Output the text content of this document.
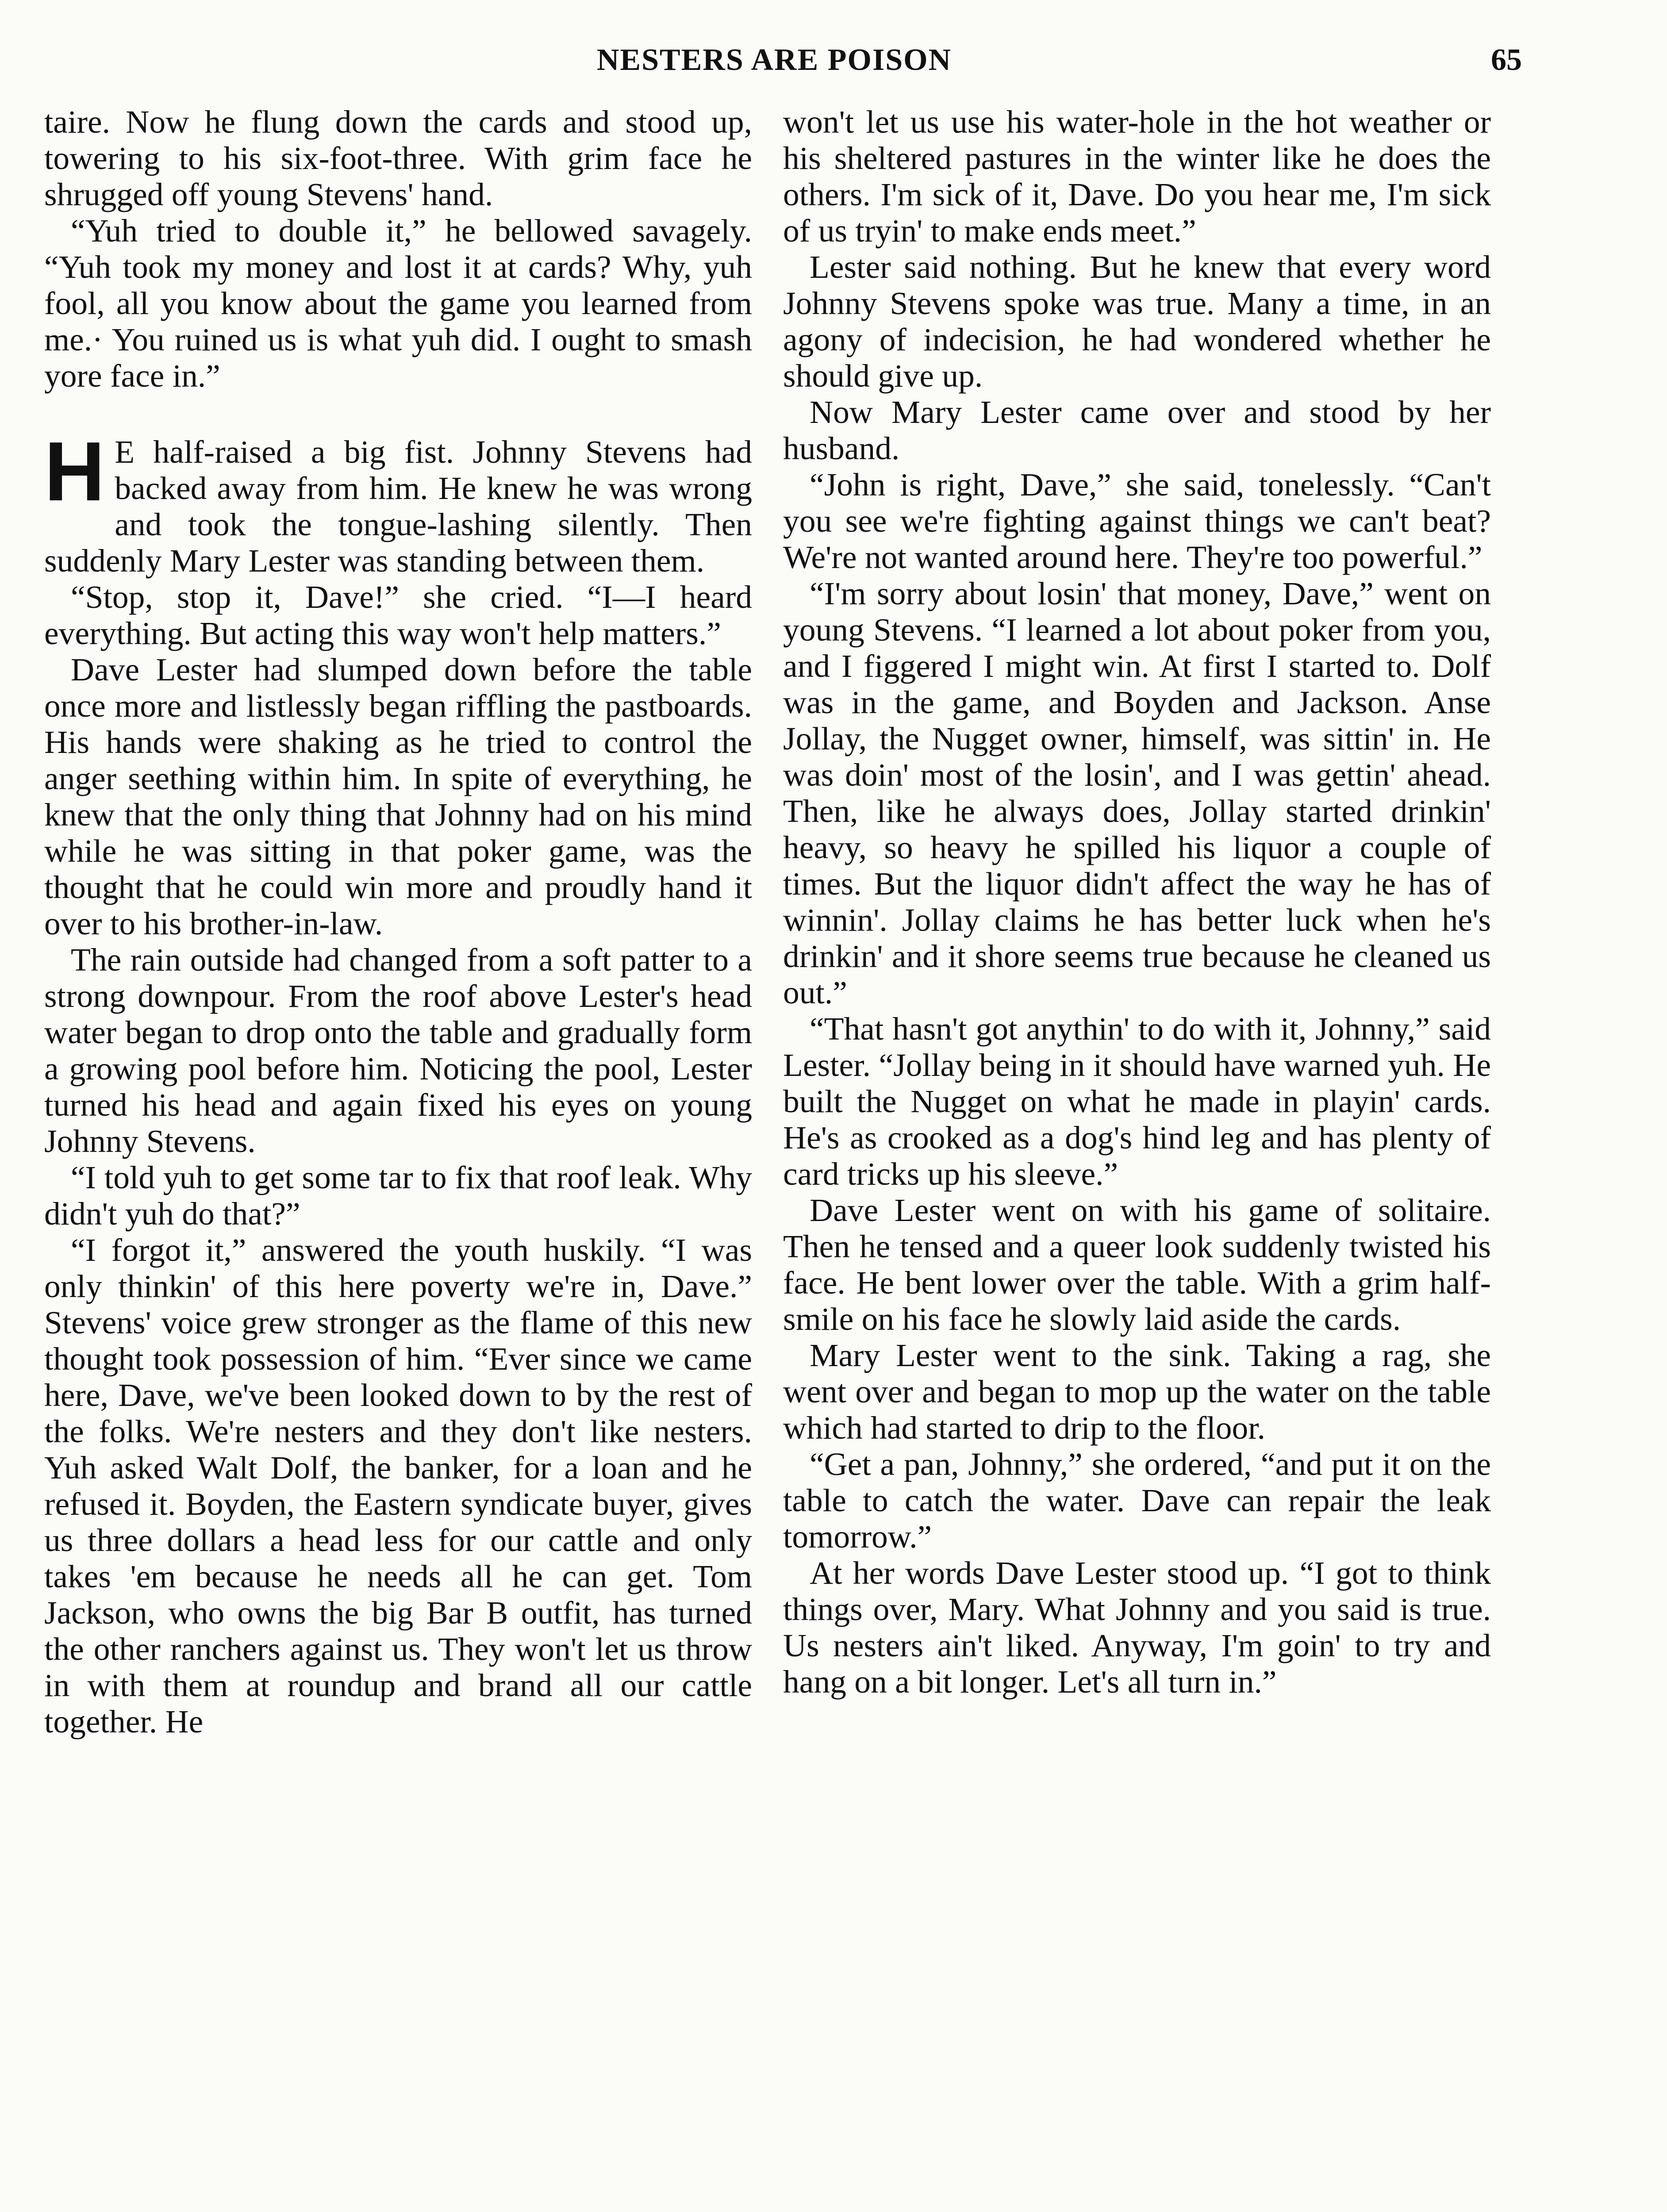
NESTERS ARE POISON	65

taire. Now he flung down the cards and stood up, towering to his six-foot-three. With grim face he shrugged off young Stevens' hand.

“Yuh tried to double it,” he bellowed savagely. “Yuh took my money and lost it at cards? Why, yuh fool, all you know about the game you learned from me.· You ruined us is what yuh did. I ought to smash yore face in.”

H E half-raised a big fist. Johnny Stevens had backed away from him. He knew he was wrong and took the tongue-lashing silently. Then suddenly Mary Lester was standing between them.

“Stop, stop it, Dave!” she cried. “I—I heard everything. But acting this way won't help matters.”

Dave Lester had slumped down before the table once more and listlessly began riffling the pastboards. His hands were shaking as he tried to control the anger seething within him. In spite of everything, he knew that the only thing that Johnny had on his mind while he was sitting in that poker game, was the thought that he could win more and proudly hand it over to his brother-in-law.

The rain outside had changed from a soft patter to a strong downpour. From the roof above Lester's head water began to drop onto the table and gradually form a growing pool before him. Noticing the pool, Lester turned his head and again fixed his eyes on young Johnny Stevens.

“I told yuh to get some tar to fix that roof leak. Why didn't yuh do that?”

“I forgot it,” answered the youth huskily. “I was only thinkin' of this here poverty we're in, Dave.” Stevens' voice grew stronger as the flame of this new thought took possession of him. “Ever since we came here, Dave, we've been looked down to by the rest of the folks. We're nesters and they don't like nesters. Yuh asked Walt Dolf, the banker, for a loan and he refused it. Boyden, the Eastern syndicate buyer, gives us three dollars a head less for our cattle and only takes 'em because he needs all he can get. Tom Jackson, who owns the big Bar B outfit, has turned the other ranchers against us. They won't let us throw in with them at roundup and brand all our cattle together. He

won't let us use his water-hole in the hot weather or his sheltered pastures in the winter like he does the others. I'm sick of it, Dave. Do you hear me, I'm sick of us tryin' to make ends meet.”

Lester said nothing. But he knew that every word Johnny Stevens spoke was true. Many a time, in an agony of indecision, he had wondered whether he should give up.

Now Mary Lester came over and stood by her husband.

“John is right, Dave,” she said, tonelessly. “Can't you see we're fighting against things we can't beat? We're not wanted around here. They're too powerful.”

“I'm sorry about losin' that money, Dave,” went on young Stevens. “I learned a lot about poker from you, and I figgered I might win. At first I started to. Dolf was in the game, and Boyden and Jackson. Anse Jollay, the Nugget owner, himself, was sittin' in. He was doin' most of the losin', and I was gettin' ahead. Then, like he always does, Jollay started drinkin' heavy, so heavy he spilled his liquor a couple of times. But the liquor didn't affect the way he has of winnin'. Jollay claims he has better luck when he's drinkin' and it shore seems true because he cleaned us out.”

“That hasn't got anythin' to do with it, Johnny,” said Lester. “Jollay being in it should have warned yuh. He built the Nugget on what he made in playin' cards. He's as crooked as a dog's hind leg and has plenty of card tricks up his sleeve.”

Dave Lester went on with his game of solitaire. Then he tensed and a queer look suddenly twisted his face. He bent lower over the table. With a grim half-smile on his face he slowly laid aside the cards.

Mary Lester went to the sink. Taking a rag, she went over and began to mop up the water on the table which had started to drip to the floor.

“Get a pan, Johnny,” she ordered, “and put it on the table to catch the water. Dave can repair the leak tomorrow.”

At her words Dave Lester stood up. “I got to think things over, Mary. What Johnny and you said is true. Us nesters ain't liked. Anyway, I'm goin' to try and hang on a bit longer. Let's all turn in.”
